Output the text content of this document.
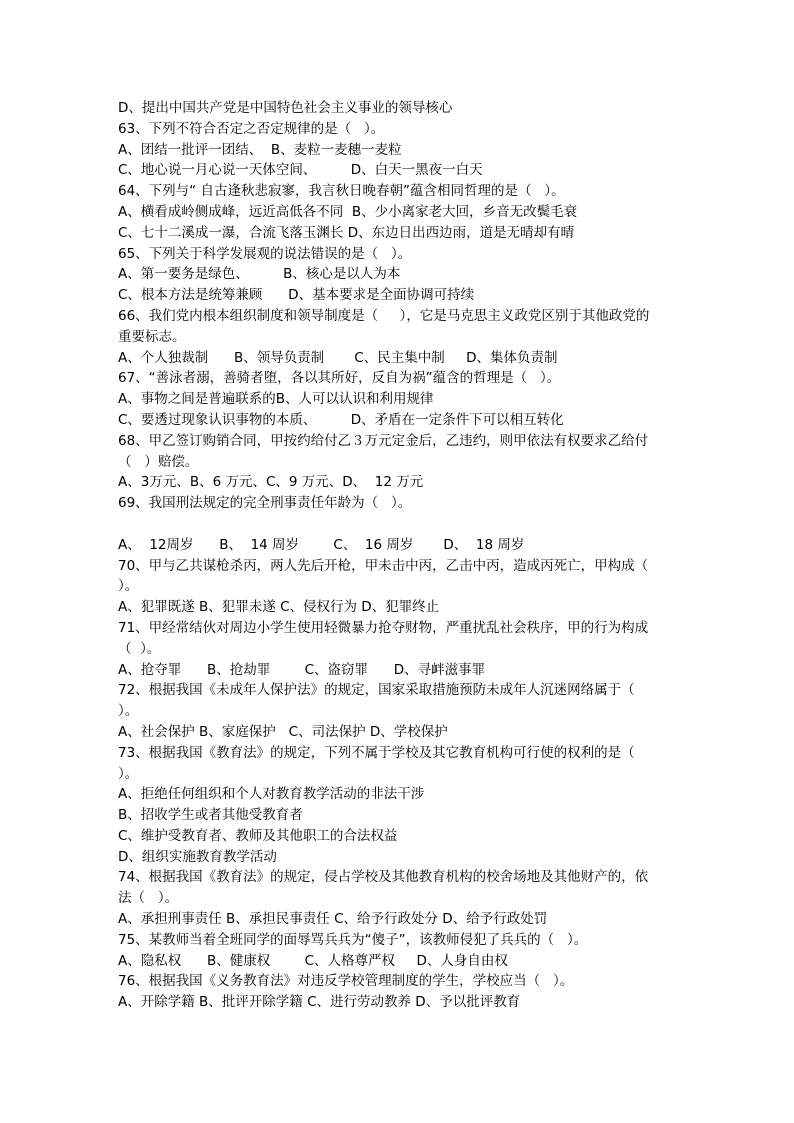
D、提出中国共产党是中国特色社会主义事业的领导核心
63、下列不符合否定之否定规律的是（   ）。
A、团结一批评一团结、  B、麦粒一麦穗一麦粒
C、地心说一月心说一天体空间、        D、白天一黑夜一白天
64、下列与“ 自古逢秋悲寂寥，我言秋日晚春朝”蕴含相同哲理的是（   ）。
A、横看成岭侧成峰，远近高低各不同  B、少小离家老大回，乡音无改鬓毛衰
C、七十二溪成一瀑，合流飞落玉渊长 D、东边日出西边雨，道是无晴却有晴
65、下列关于科学发展观的说法错误的是（   ）。
A、第一要务是绿色、        B、核心是以人为本
C、根本方法是统筹兼顾      D、基本要求是全面协调可持续
66、我们党内根本组织制度和领导制度是（     ），它是马克思主义政党区别于其他政党的
重要标志。
A、个人独裁制      B、领导负责制       C、民主集中制     D、集体负责制
67、“善泳者溺，善骑者堕，各以其所好，反自为祸”蕴含的哲理是（   ）。
A、事物之间是普遍联系的B、人可以认识和利用规律
C、要透过现象认识事物的本质、        D、矛盾在一定条件下可以相互转化
68、甲乙签订购销合同，甲按约给付乙３万元定金后，乙违约，则甲依法有权要求乙给付
（   ）赔偿。
A、3万元、B、6 万元、C、9 万元、D、  12 万元
69、我国刑法规定的完全刑事责任年龄为（   ）。
A、  12周岁      B、  14 周岁        C、  16 周岁       D、  18 周岁
70、甲与乙共谋枪杀丙，两人先后开枪，甲未击中丙，乙击中丙，造成丙死亡，甲构成（
）。
A、犯罪既遂 B、犯罪未遂 C、侵权行为 D、犯罪终止
71、甲经常结伙对周边小学生使用轻微暴力抢夺财物，严重扰乱社会秩序，甲的行为构成
（  ）。
A、抢夺罪      B、抢劫罪        C、盗窃罪      D、寻衅滋事罪
72、根据我国《未成年人保护法》的规定，国家采取措施预防未成年人沉迷网络属于（
）。
A、社会保护 B、家庭保护   C、司法保护 D、学校保护
73、根据我国《教育法》的规定，下列不属于学校及其它教育机构可行使的权利的是（
）。
A、拒绝任何组织和个人对教育教学活动的非法干涉
B、招收学生或者其他受教育者
C、维护受教育者、教师及其他职工的合法权益
D、组织实施教育教学活动
74、根据我国《教育法》的规定，侵占学校及其他教育机构的校舍场地及其他财产的，依
法（   ）。
A、承担刑事责任 B、承担民事责任 C、给予行政处分 D、给予行政处罚
75、某教师当着全班同学的面辱骂兵兵为“傻子”，该教师侵犯了兵兵的（   ）。
A、隐私权      B、健康权        C、人格尊严权     D、人身自由权
76、根据我国《义务教育法》对违反学校管理制度的学生，学校应当（   ）。
A、开除学籍 B、批评开除学籍 C、进行劳动教养 D、予以批评教育
